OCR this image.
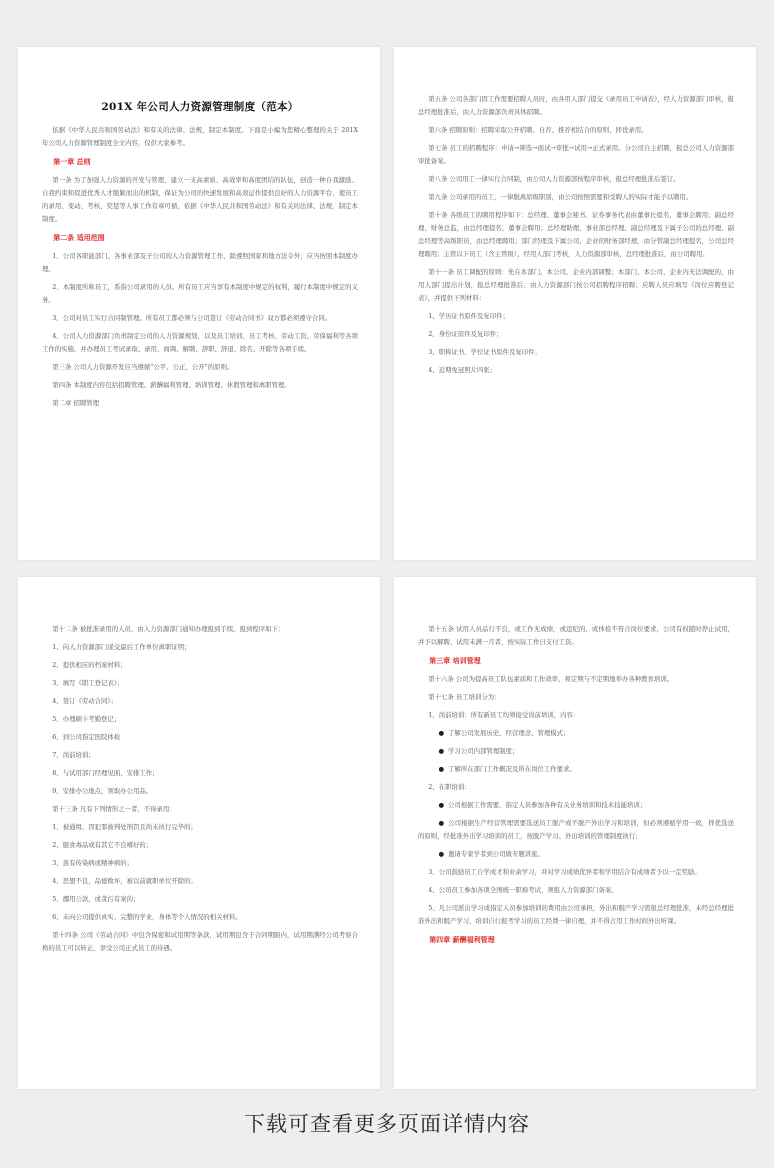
201X 年公司人力资源管理制度（范本）
依据《中华人民共和国劳动法》和有关的法律、法规，制定本制度。下面是小编为您精心整理的关于 201X 年公司人力资源管理制度全文内容，仅供大家参考。
第一章 总则
第一条 为了加强人力资源的开发与管理，建立一支高素质、高效率和高度团结的队伍，创造一种自我激励、自我约束和促进优秀人才脱颖而出的机制，保证为公司的快速发展和高效运作提供良好的人力资源平台，使员工的录用、变动、考核、奖惩等人事工作有章可循，依据《中华人民共和国劳动法》和有关的法律、法规，制定本制度。
第二条 适用范围
1、公司各职能部门、各事业部及子公司的人力资源管理工作，除遵照国家和地方法令外，应当按照本制度办理。
2、本制度所称员工，系指公司录用的人员。所有员工应当享有本制度中规定的权利，履行本制度中规定的义务。
3、公司对员工实行合同制管理。所有员工都必须与公司签订《劳动合同书》双方都必须遵守合同。
4、公司人力资源部门负责制定公司的人力资源规划，以及员工培训、员工考核、劳动工资、劳保福利等各项工作的实施，并办理员工考试录取、录用、商调、解聘、辞职、辞退、除名、开除等各项手续。
第三条 公司人力资源开发应当遵循“公平、公正、公开”的原则。
第四条 本制度内容包括招聘管理、薪酬福利管理、培训管理、休假管理和离职管理。
第二章 招聘管理
第五条 公司各部门因工作需要招聘人员时，由各用人部门提交《录用员工申请表》，经人力资源部门审核，报总经理批准后，由人力资源部负责具体招聘。
第六条 招聘原则：招聘采取公开招聘、自荐、推荐相结合的原则，择优录用。
第七条 员工的招聘程序：申请→筛选→面试→审批→试用→正式录用。分公司自主招聘，报总公司人力资源部审批备案。
第八条 公司用工一律实行合同制，由公司人力资源部按程序审核，报总经理批准后签订。
第九条 公司录用的员工，一律脱离原级职别，由公司按照需要和受聘人的实际才能予以聘用。
第十条 各级员工的聘用程序如下：总经理、董事会秘书、证券事务代表由董事长提名，董事会聘用；副总经理、财务总监，由总经理提名，董事会聘用；总经理助理、事业部总经理、副总经理及下属子公司的总经理、副总经理等高级职员，由总经理聘用；部门经理及下属公司、企业的财务部经理，由分管副总经理提名，公司总经理聘用；主管以下员工（含主管级），经用人部门考核，人力资源部审核，总经理批准后，由公司聘用。
第十一条 员工调配的原则：先在本部门、本公司、企业内部调整；本部门、本公司、企业内无法调配的，由用人部门提出计划，报总经理批准后，由人力资源部门按公司招聘程序招聘；应聘人员应填写《岗位应聘登记表》，并提供下列材料：
1、学历证书原件及复印件；
2、身份证原件及复印件；
3、职称证书、学位证书原件及复印件；
4、近期免冠照片四张；
第十二条 被批准录用的人员，由人力资源部门通知办理报到手续。报到程序如下：
1、向人力资源部门递交最后工作单位离职证明；
2、提供相应的档案材料；
3、填写《职工登记表》；
4、签订《劳动合同》；
5、办理刷卡考勤登记；
6、到公司指定医院体检
7、岗前培训；
8、与试用部门经理见面，安排工作；
9、安排办公地点，领取办公用品。
第十三条 凡有下列情形之一者，不得录用：
1、被通缉、因犯罪被判处刑罚且尚未执行完毕的；
2、服食毒品或有其它不良嗜好的；
3、患有传染病或精神病的；
4、思想不良，品德败坏，被以前就职单位开除的；
5、挪用公款，或贪污有案的；
6、未向公司提供真实、完整的学业，身体等个人情况的相关材料。
第十四条 公司《劳动合同》中包含保密和试用期等条款，试用期包含于合同期限内，试用期满经公司考察合格的员工可以转正，享受公司正式员工的待遇。
第十五条 试用人员品行不良，或工作无成绩，或违纪的，或体检不符合岗位要求，公司有权随时停止试用，并予以解聘，试用未满一月者，按实际工作日支付工资。
第三章 培训管理
第十六条 公司为提高员工队伍素质和工作效率，将定期与不定期地举办各种教育培训。
第十七条 员工培训分为：
1、岗前培训：所有新员工均须接受岗前培训，内容：
● 了解公司发展历史、经营理念、管理模式；
● 学习公司内部管理制度；
● 了解所在部门工作概况及所在岗位工作要求。
2、在职培训：
● 公司根据工作需要，指定人员参加各种有关业务培训和技术技能培训；
● 公司根据生产经营管理需要选送员工脱产或不脱产外出学习和培训，但必须遵循学用一致，择优选送的原则，经批准外出学习培训的员工，按脱产学习、外出培训的管理制度执行；
● 邀请专家学者到公司做专题讲座。
3、公司鼓励员工自学成才和业余学习，并对学习成绩优异者和学用结合有成绩者予以一定奖励。
4、公司员工参加各项全国统一职称考试，须报人力资源部门备案。
5、凡公司派出学习或指定人员参加培训的费用由公司承担，外出和脱产学习需报总经理批准，未经总经理批准外出和脱产学习，培训自行报考学习的员工经费一律自理，并不得占用工作时间外出听课。
第四章 薪酬福利管理
下载可查看更多页面详情内容
